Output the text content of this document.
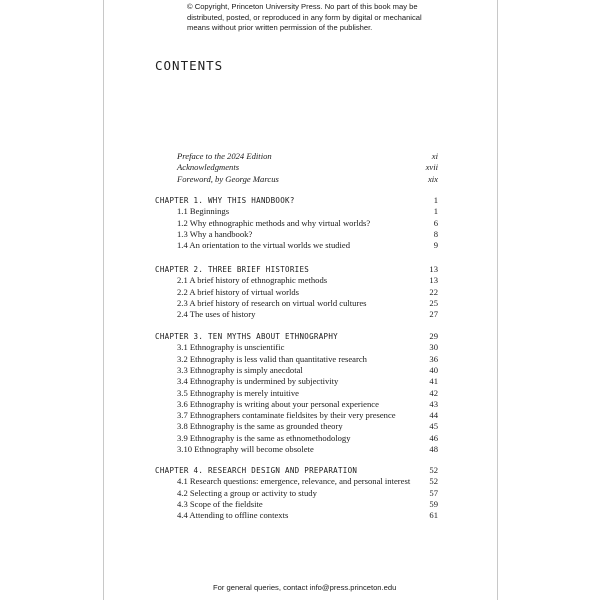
© Copyright, Princeton University Press. No part of this book may be
distributed, posted, or reproduced in any form by digital or mechanical
means without prior written permission of the publisher.
CONTENTS
Preface to the 2024 Edition	xi
Acknowledgments	xvii
Foreword, by George Marcus	xix
CHAPTER 1. WHY THIS HANDBOOK?	1
1.1 Beginnings	1
1.2 Why ethnographic methods and why virtual worlds?	6
1.3 Why a handbook?	8
1.4 An orientation to the virtual worlds we studied	9
CHAPTER 2. THREE BRIEF HISTORIES	13
2.1 A brief history of ethnographic methods	13
2.2 A brief history of virtual worlds	22
2.3 A brief history of research on virtual world cultures	25
2.4 The uses of history	27
CHAPTER 3. TEN MYTHS ABOUT ETHNOGRAPHY	29
3.1 Ethnography is unscientific	30
3.2 Ethnography is less valid than quantitative research	36
3.3 Ethnography is simply anecdotal	40
3.4 Ethnography is undermined by subjectivity	41
3.5 Ethnography is merely intuitive	42
3.6 Ethnography is writing about your personal experience	43
3.7 Ethnographers contaminate fieldsites by their very presence	44
3.8 Ethnography is the same as grounded theory	45
3.9 Ethnography is the same as ethnomethodology	46
3.10 Ethnography will become obsolete	48
CHAPTER 4. RESEARCH DESIGN AND PREPARATION	52
4.1 Research questions: emergence, relevance, and personal interest 52
4.2 Selecting a group or activity to study	57
4.3 Scope of the fieldsite	59
4.4 Attending to offline contexts	61
For general queries, contact info@press.princeton.edu
